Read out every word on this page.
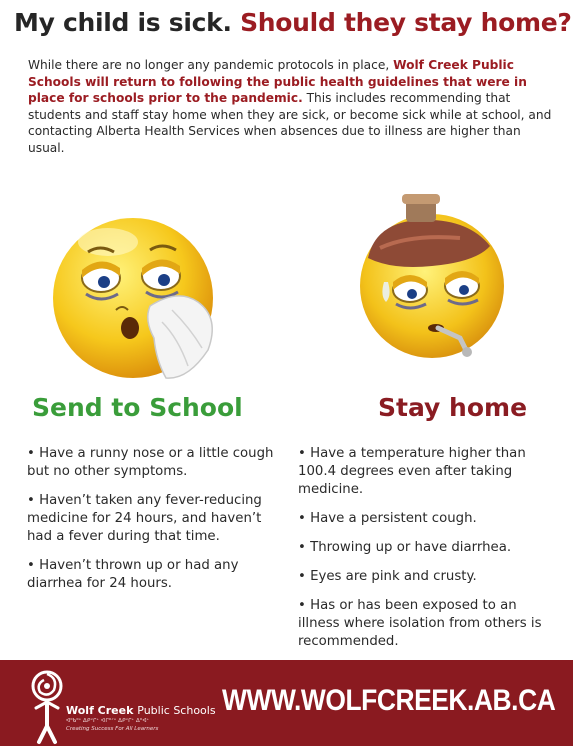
My child is sick. Should they stay home?
While there are no longer any pandemic protocols in place, Wolf Creek Public Schools will return to following the public health guidelines that were in place for schools prior to the pandemic. This includes recommending that students and staff stay home when they are sick, or become sick while at school, and contacting Alberta Health Services when absences due to illness are higher than usual.
Send to School	Stay home
• Have a runny nose or a little cough but no other symptoms.
• Haven’t taken any fever-reducing medicine for 24 hours, and haven’t had a fever during that time.
• Haven’t thrown up or had any diarrhea for 24 hours.
• Have a temperature higher than 100.4 degrees even after taking medicine.
• Have a persistent cough.
• Throwing up or have diarrhea.
• Eyes are pink and crusty.
• Has or has been exposed to an illness where isolation from others is recommended.
Wolf Creek Public Schools
ᐊᐦᑲᐦᐤ ᐃᑭᐡᒋᕀ ᐊᒋᐦᐟᐤ ᐃᑭᐡᒋᕀ ᐃᐦᐊᕀ
Creating Success For All Learners
WWW.WOLFCREEK.AB.CA
